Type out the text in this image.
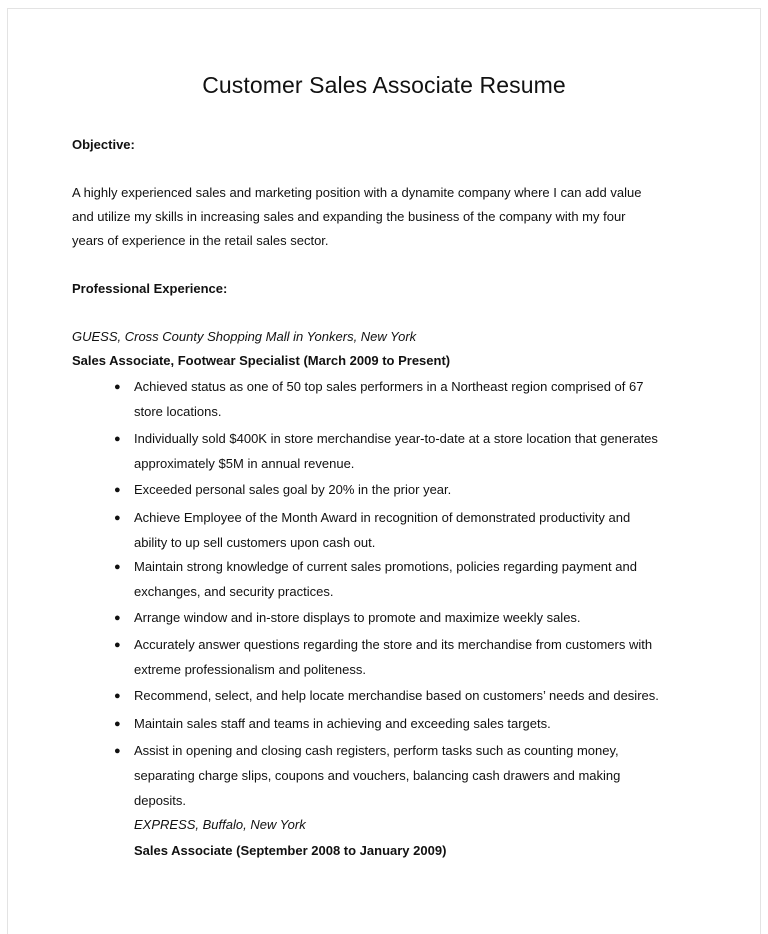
Customer Sales Associate Resume
Objective:
A highly experienced sales and marketing position with a dynamite company where I can add value
and utilize my skills in increasing sales and expanding the business of the company with my four
years of experience in the retail sales sector.
Professional Experience:
GUESS, Cross County Shopping Mall in Yonkers, New York
Sales Associate, Footwear Specialist (March 2009 to Present)
● Achieved status as one of 50 top sales performers in a Northeast region comprised of 67
store locations.
● Individually sold $400K in store merchandise year-to-date at a store location that generates
approximately $5M in annual revenue.
● Exceeded personal sales goal by 20% in the prior year.
● Achieve Employee of the Month Award in recognition of demonstrated productivity and
ability to up sell customers upon cash out.
● Maintain strong knowledge of current sales promotions, policies regarding payment and
exchanges, and security practices.
● Arrange window and in-store displays to promote and maximize weekly sales.
● Accurately answer questions regarding the store and its merchandise from customers with
extreme professionalism and politeness.
● Recommend, select, and help locate merchandise based on customers’ needs and desires.
● Maintain sales staff and teams in achieving and exceeding sales targets.
● Assist in opening and closing cash registers, perform tasks such as counting money,
separating charge slips, coupons and vouchers, balancing cash drawers and making
deposits.
EXPRESS, Buffalo, New York
Sales Associate (September 2008 to January 2009)
